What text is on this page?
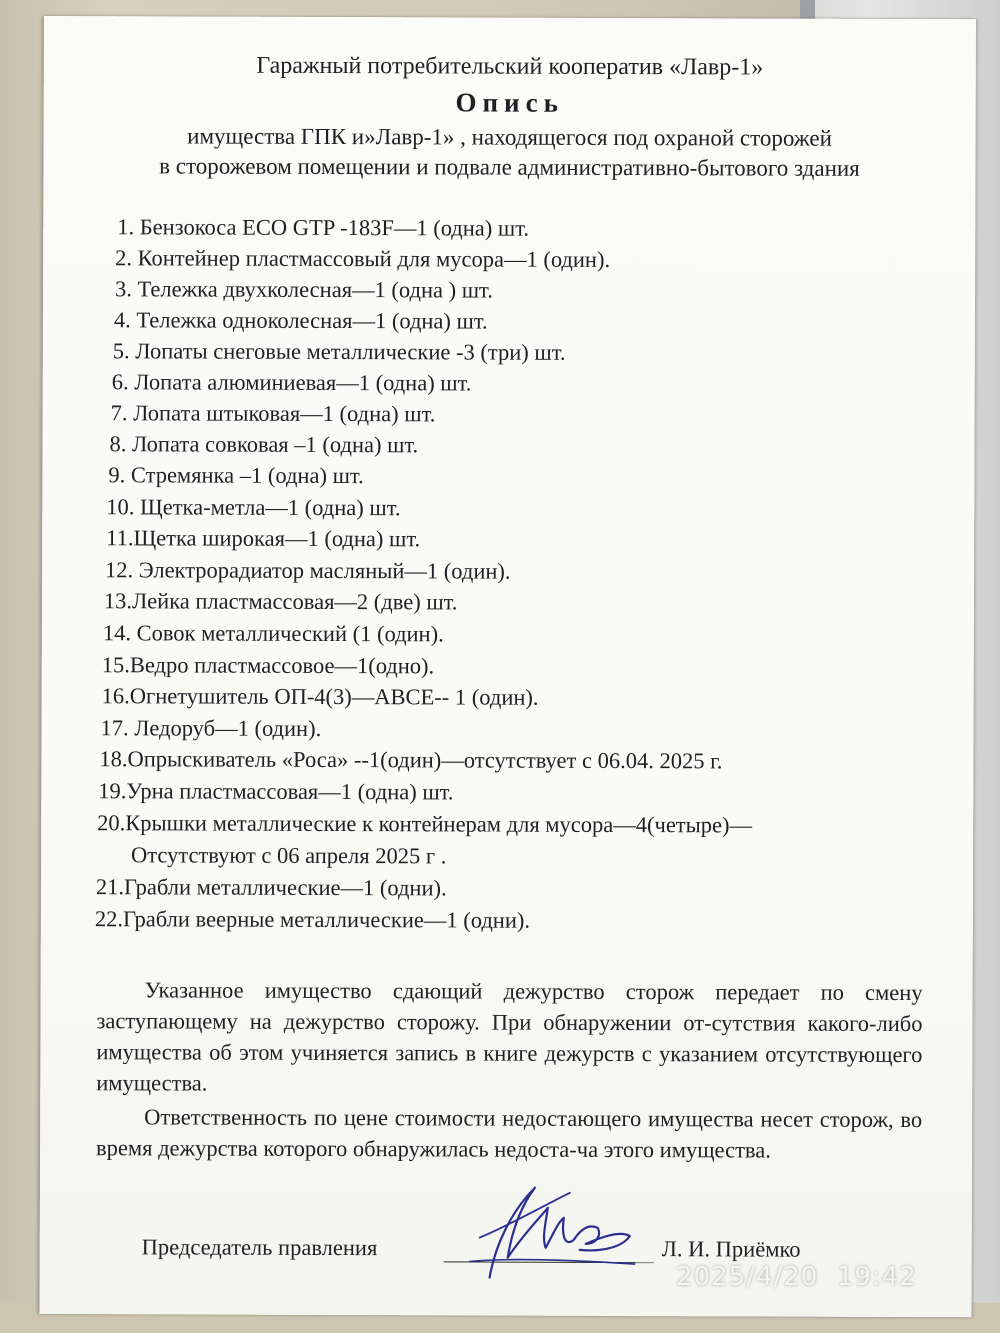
Гаражный потребительский кооператив «Лавр-1»
Опись
имущества ГПК и»Лавр-1» , находящегося под охраной сторожей
в сторожевом помещении и подвале административно-бытового здания
1. Бензокоса ECO GTP -183F—1 (одна) шт.
2. Контейнер пластмассовый для мусора—1 (один).
3. Тележка двухколесная—1 (одна ) шт.
4. Тележка одноколесная—1 (одна) шт.
5. Лопаты снеговые металлические -3 (три) шт.
6. Лопата алюминиевая—1 (одна) шт.
7. Лопата штыковая—1 (одна) шт.
8. Лопата совковая –1 (одна) шт.
9. Стремянка –1 (одна) шт.
10. Щетка-метла—1 (одна) шт.
11.Щетка широкая—1 (одна) шт.
12. Электрорадиатор масляный—1 (один).
13.Лейка пластмассовая—2 (две) шт.
14. Совок металлический (1 (один).
15.Ведро пластмассовое—1(одно).
16.Огнетушитель ОП-4(3)—АВСЕ-- 1 (один).
17. Ледоруб—1 (один).
18.Опрыскиватель «Роса» --1(один)—отсутствует с 06.04. 2025 г.
19.Урна пластмассовая—1 (одна) шт.
20.Крышки металлические к контейнерам для мусора—4(четыре)—
Отсутствуют с 06 апреля 2025 г .
21.Грабли металлические—1 (одни).
22.Грабли веерные металлические—1 (одни).

Указанное имущество сдающий дежурство сторож передает по смену заступающему на дежурство сторожу. При обнаружении от-сутствия какого-либо имущества об этом учиняется запись в книге дежурств с указанием отсутствующего имущества.

Ответственность по цене стоимости недостающего имущества несет сторож, во время дежурства которого обнаружилась недоста-ча этого имущества.

Председатель правления	Л. И. Приёмко
2025/4/20  19:42
